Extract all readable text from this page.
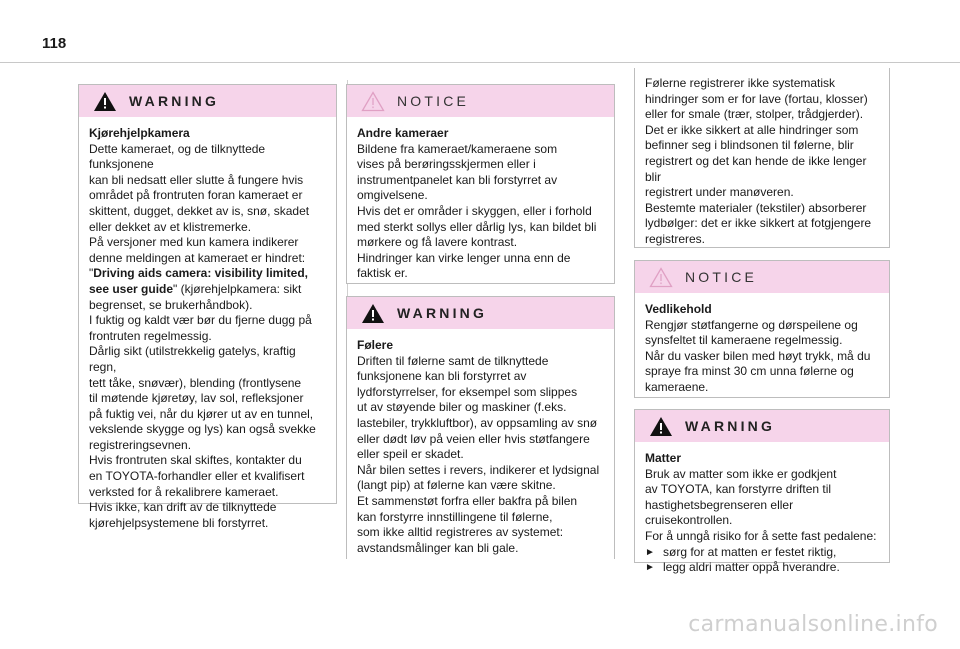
118
WARNING

Kjørehjelpkamera

Dette kameraet, og de tilknyttede funksjonene

kan bli nedsatt eller slutte å fungere hvis

området på frontruten foran kameraet er

skittent, dugget, dekket av is, snø, skadet

eller dekket av et klistremerke.

På versjoner med kun kamera indikerer

denne meldingen at kameraet er hindret:

"Driving aids camera: visibility limited,

see user guide" (kjørehjelpkamera: sikt

begrenset, se brukerhåndbok).

I fuktig og kaldt vær bør du fjerne dugg på

frontruten regelmessig.

Dårlig sikt (utilstrekkelig gatelys, kraftig regn,

tett tåke, snøvær), blending (frontlysene

til møtende kjøretøy, lav sol, refleksjoner

på fuktig vei, når du kjører ut av en tunnel,

vekslende skygge og lys) kan også svekke

registreringsevnen.

Hvis frontruten skal skiftes, kontakter du

en TOYOTA-forhandler eller et kvalifisert

verksted for å rekalibrere kameraet.

Hvis ikke, kan drift av de tilknyttede

kjørehjelpsystemene bli forstyrret.

NOTICE

Andre kameraer

Bildene fra kameraet/kameraene som

vises på berøringsskjermen eller i

instrumentpanelet kan bli forstyrret av

omgivelsene.

Hvis det er områder i skyggen, eller i forhold

med sterkt sollys eller dårlig lys, kan bildet bli

mørkere og få lavere kontrast.

Hindringer kan virke lenger unna enn de

faktisk er.

WARNING

Følere

Driften til følerne samt de tilknyttede

funksjonene kan bli forstyrret av

lydforstyrrelser, for eksempel som slippes

ut av støyende biler og maskiner (f.eks.

lastebiler, trykkluftbor), av oppsamling av snø

eller dødt løv på veien eller hvis støtfangere

eller speil er skadet.

Når bilen settes i revers, indikerer et lydsignal

(langt pip) at følerne kan være skitne.

Et sammenstøt forfra eller bakfra på bilen

kan forstyrre innstillingene til følerne,

som ikke alltid registreres av systemet:

avstandsmålinger kan bli gale.

Følerne registrerer ikke systematisk

hindringer som er for lave (fortau, klosser)

eller for smale (trær, stolper, trådgjerder).

Det er ikke sikkert at alle hindringer som

befinner seg i blindsonen til følerne, blir

registrert og det kan hende de ikke lenger blir

registrert under manøveren.

Bestemte materialer (tekstiler) absorberer

lydbølger: det er ikke sikkert at fotgjengere

registreres.

NOTICE

Vedlikehold

Rengjør støtfangerne og dørspeilene og

synsfeltet til kameraene regelmessig.

Når du vasker bilen med høyt trykk, må du

spraye fra minst 30 cm unna følerne og

kameraene.

WARNING

Matter

Bruk av matter som ikke er godkjent

av TOYOTA, kan forstyrre driften til

hastighetsbegrenseren eller cruisekontrollen.

For å unngå risiko for å sette fast pedalene:

► sørg for at matten er festet riktig,
► legg aldri matter oppå hverandre.
carmanualsonline.info
